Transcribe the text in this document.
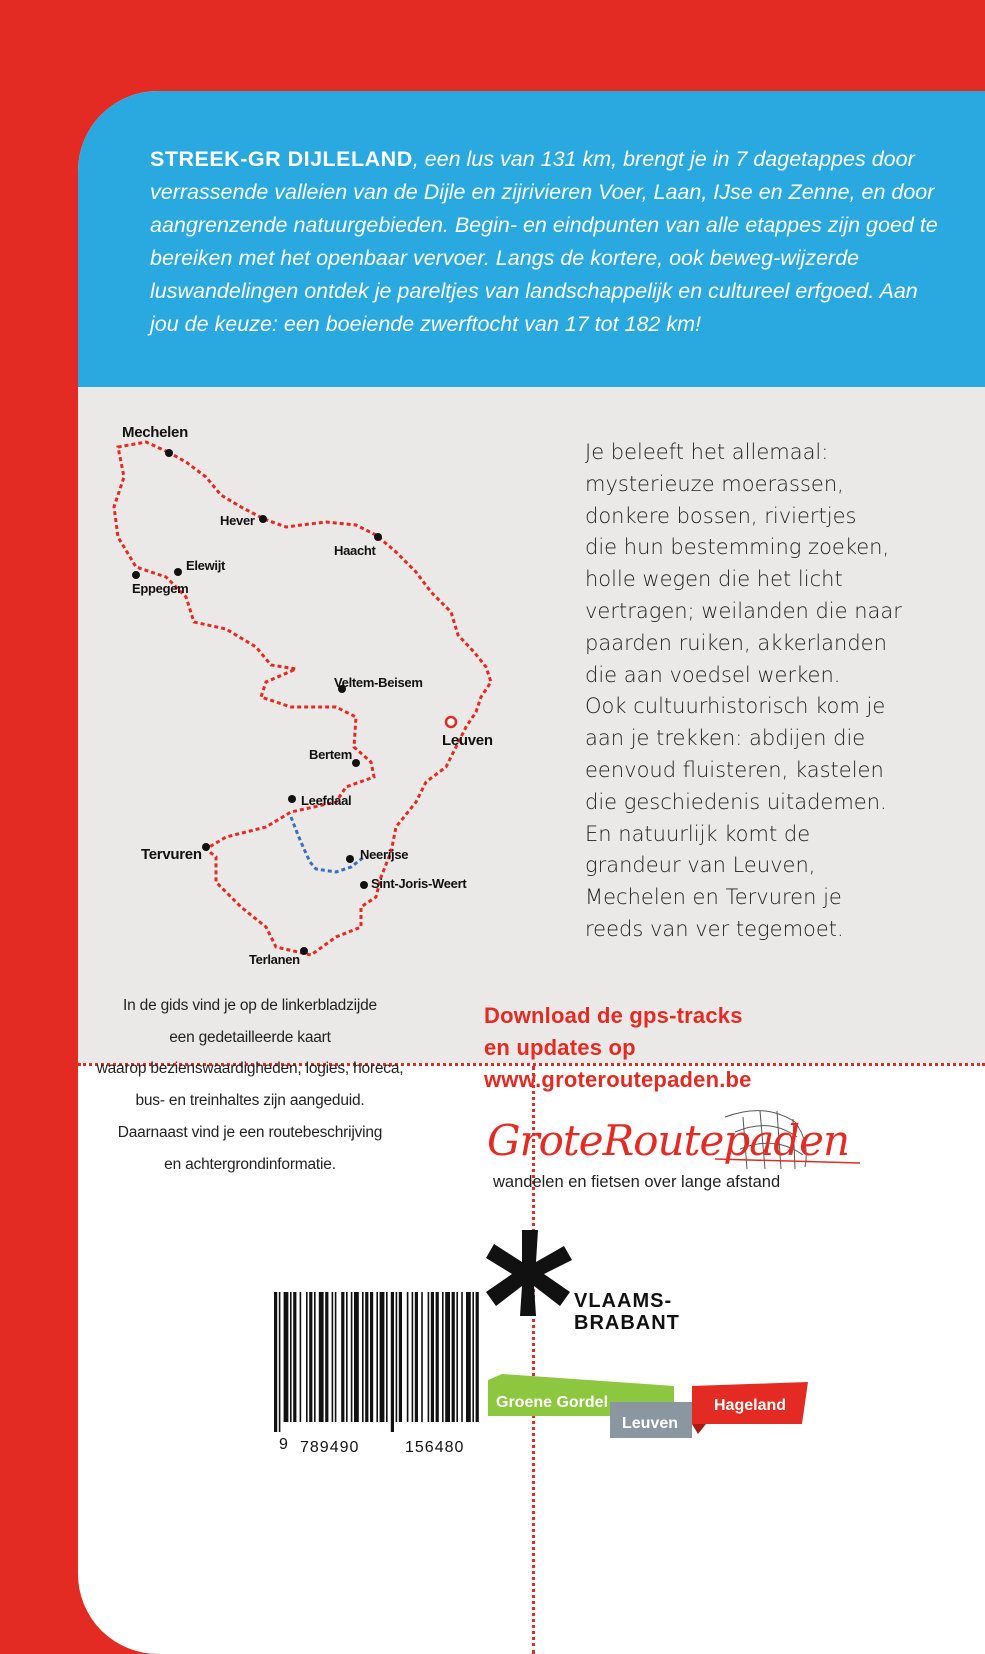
STREEK-GR DIJLELAND, een lus van 131 km, brengt je in 7 dagetappes door verrassende valleien van de Dijle en zijrivieren Voer, Laan, IJse en Zenne, en door aangrenzende natuurgebieden. Begin- en eindpunten van alle etappes zijn goed te bereiken met het openbaar vervoer. Langs de kortere, ook beweg-wijzerde luswandelingen ontdek je pareltjes van landschappelijk en cultureel erfgoed. Aan jou de keuze: een boeiende zwerftocht van 17 tot 182 km!
Mechelen
Hever
Haacht
Elewijt
Eppegem
Veltem-Beisem
Leuven
Bertem
Leefdaal
Tervuren	Neerijse
Sint-Joris-Weert
Terlanen

Je beleeft het allemaal:

mysterieuze moerassen,

donkere bossen, riviertjes

die hun bestemming zoeken,

holle wegen die het licht

vertragen; weilanden die naar

paarden ruiken, akkerlanden

die aan voedsel werken.

Ook cultuurhistorisch kom je

aan je trekken: abdijen die

eenvoud fluisteren, kastelen

die geschiedenis uitademen.

En natuurlijk komt de

grandeur van Leuven,

Mechelen en Tervuren je

reeds van ver tegemoet.

In de gids vind je op de linkerbladzijde

een gedetailleerde kaart

waarop bezienswaardigheden, logies, horeca,

bus- en treinhaltes zijn aangeduid.

Daarnaast vind je een routebeschrijving

en achtergrondinformatie.

Download de gps-tracks

en updates op

www.groteroutepaden.be

GroteRoutepaden
wandelen en fietsen over lange afstand
VLAAMS-
BRABANT
Groene Gordel
Leuven
Hageland
9 789490	156480
